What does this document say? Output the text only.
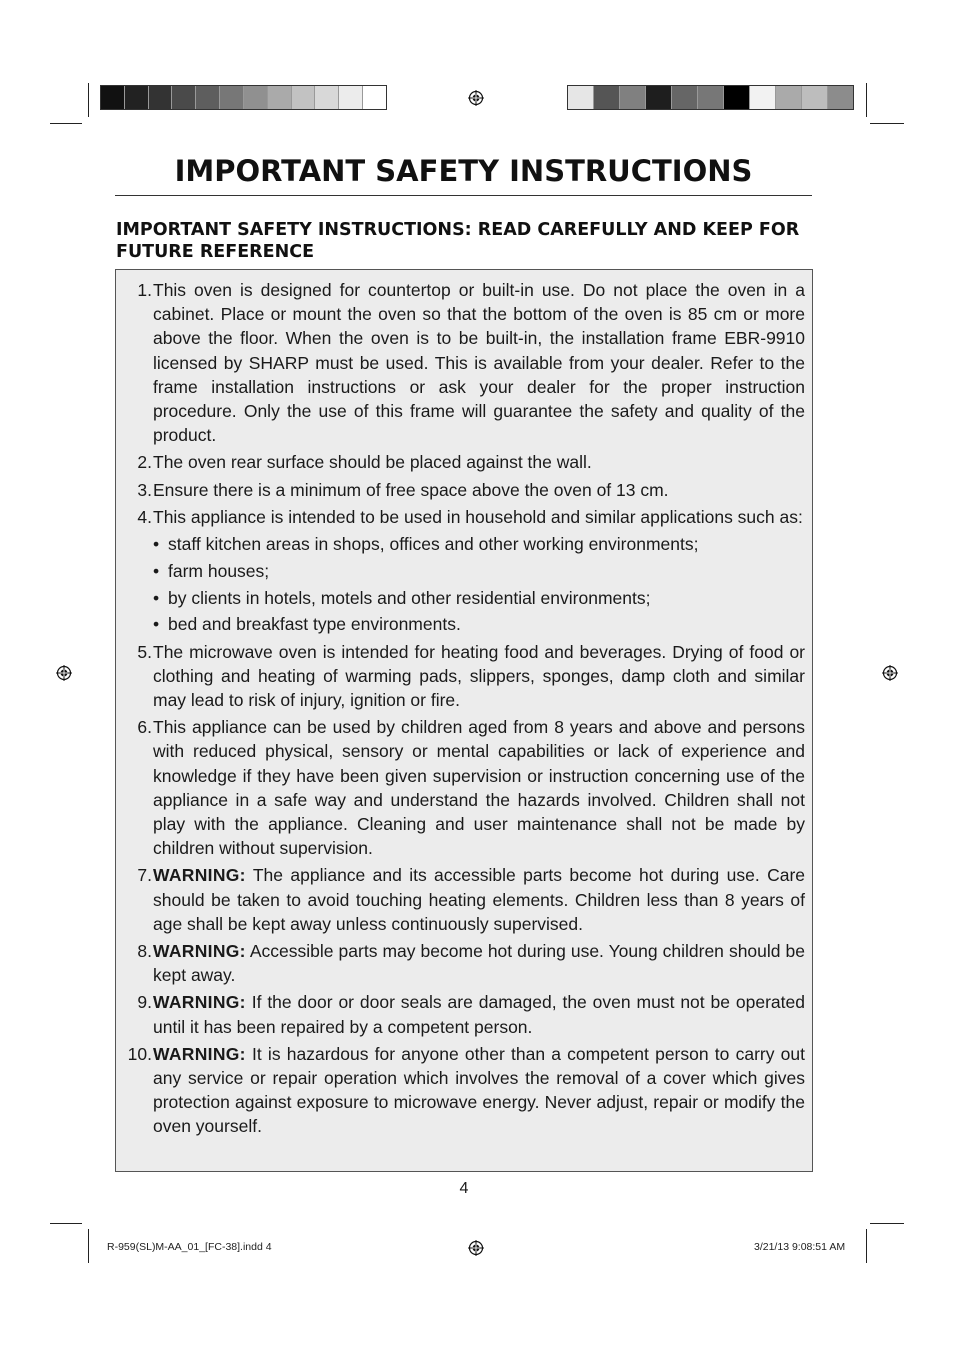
IMPORTANT SAFETY INSTRUCTIONS
IMPORTANT SAFETY INSTRUCTIONS: READ CAREFULLY AND KEEP FOR FUTURE REFERENCE
1. This oven is designed for countertop or built-in use. Do not place the oven in a cabinet. Place or mount the oven so that the bottom of the oven is 85 cm or more above the floor. When the oven is to be built-in, the installation frame EBR-9910 licensed by SHARP must be used. This is available from your dealer. Refer to the frame installation instructions or ask your dealer for the proper instruction procedure. Only the use of this frame will guarantee the safety and quality of the product.
2. The oven rear surface should be placed against the wall.
3. Ensure there is a minimum of free space above the oven of 13 cm.
4. This appliance is intended to be used in household and similar applications such as:
• staff kitchen areas in shops, offices and other working environments;
• farm houses;
• by clients in hotels, motels and other residential environments;
• bed and breakfast type environments.
5. The microwave oven is intended for heating food and beverages. Drying of food or clothing and heating of warming pads, slippers, sponges, damp cloth and similar may lead to risk of injury, ignition or fire.
6. This appliance can be used by children aged from 8 years and above and persons with reduced physical, sensory or mental capabilities or lack of experience and knowledge if they have been given supervision or instruction concerning use of the appliance in a safe way and understand the hazards involved. Children shall not play with the appliance. Cleaning and user maintenance shall not be made by children without supervision.
7. WARNING: The appliance and its accessible parts become hot during use. Care should be taken to avoid touching heating elements. Children less than 8 years of age shall be kept away unless continuously supervised.
8. WARNING: Accessible parts may become hot during use. Young children should be kept away.
9. WARNING: If the door or door seals are damaged, the oven must not be operated until it has been repaired by a competent person.
10. WARNING: It is hazardous for anyone other than a competent person to carry out any service or repair operation which involves the removal of a cover which gives protection against exposure to microwave energy. Never adjust, repair or modify the oven yourself.
4
R-959(SL)M-AA_01_[FC-38].indd 4	3/21/13 9:08:51 AM
